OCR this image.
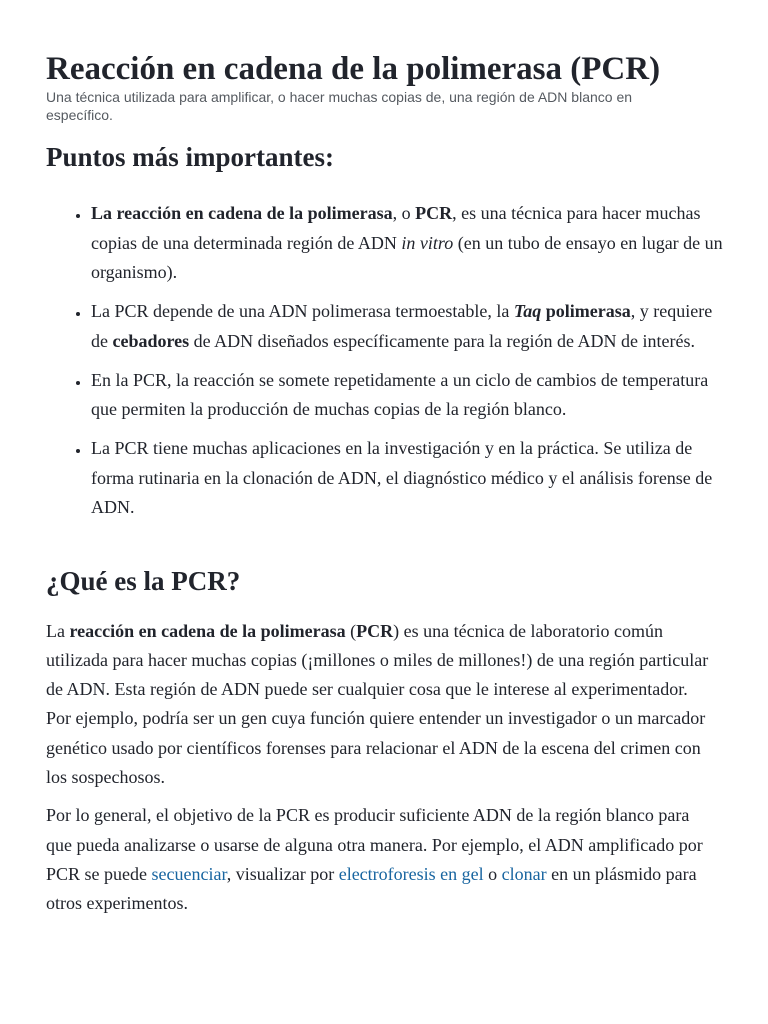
Reacción en cadena de la polimerasa (PCR)

Una técnica utilizada para amplificar, o hacer muchas copias de, una región de ADN blanco en específico.

Puntos más importantes:
• La reacción en cadena de la polimerasa, o PCR, es una técnica para hacer muchas copias de una determinada región de ADN in vitro (en un tubo de ensayo en lugar de un organismo).
• La PCR depende de una ADN polimerasa termoestable, la Taq polimerasa, y requiere de cebadores de ADN diseñados específicamente para la región de ADN de interés.
• En la PCR, la reacción se somete repetidamente a un ciclo de cambios de temperatura que permiten la producción de muchas copias de la región blanco.
• La PCR tiene muchas aplicaciones en la investigación y en la práctica. Se utiliza de forma rutinaria en la clonación de ADN, el diagnóstico médico y el análisis forense de ADN.
¿Qué es la PCR?

La reacción en cadena de la polimerasa (PCR) es una técnica de laboratorio común utilizada para hacer muchas copias (¡millones o miles de millones!) de una región particular de ADN. Esta región de ADN puede ser cualquier cosa que le interese al experimentador. Por ejemplo, podría ser un gen cuya función quiere entender un investigador o un marcador genético usado por científicos forenses para relacionar el ADN de la escena del crimen con los sospechosos.

Por lo general, el objetivo de la PCR es producir suficiente ADN de la región blanco para que pueda analizarse o usarse de alguna otra manera. Por ejemplo, el ADN amplificado por PCR se puede secuenciar, visualizar por electroforesis en gel o clonar en un plásmido para otros experimentos.
